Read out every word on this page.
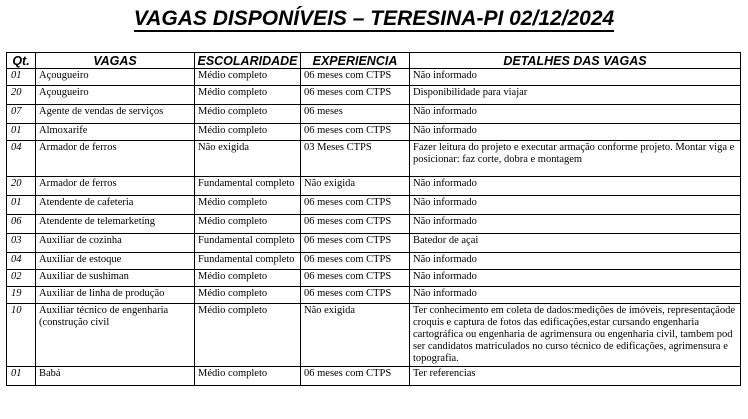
VAGAS DISPONÍVEIS – TERESINA-PI 02/12/2024
Qt.	VAGAS	ESCOLARIDADE	EXPERIENCIA	DETALHES DAS VAGAS
01	Açougueiro	Médio completo	06 meses com CTPS	Não informado
20	Açougueiro	Médio completo	06 meses com CTPS	Disponibilidade para viajar
07	Agente de vendas de serviços	Médio completo	06 meses	Não informado
01	Almoxarife	Médio completo	06 meses com CTPS	Não informado
04	Armador de ferros	Não exigida	03 Meses CTPS	Fazer leitura do projeto e executar armação conforme projeto. Montar viga e posicionar: faz corte, dobra e montagem
20	Armador de ferros	Fundamental completo	Não exigida	Não informado
01	Atendente de cafeteria	Médio completo	06 meses com CTPS	Não informado
06	Atendente de telemarketing	Médio completo	06 meses com CTPS	Não informado
03	Auxiliar de cozinha	Fundamental completo	06 meses com CTPS	Batedor de açai
04	Auxiliar de estoque	Fundamental completo	06 meses com CTPS	Não informado
02	Auxiliar de sushiman	Médio completo	06 meses com CTPS	Não informado
19	Auxiliar de linha de produção	Médio completo	06 meses com CTPS	Não informado
10	Auxiliar técnico de engenharia (construção civil	Médio completo	Não exigida	Ter conhecimento em coleta de dados:medições de imóveis, representaçãode croquis e captura de fotos das edificações,estar cursando engenharia cartográfica ou engenharia de agrimensura ou engenharia civil, tambem pod ser candidatos matriculados no curso técnico de edificações, agrimensura e topografia.
01	Babá	Médio completo	06 meses com CTPS	Ter referencias
